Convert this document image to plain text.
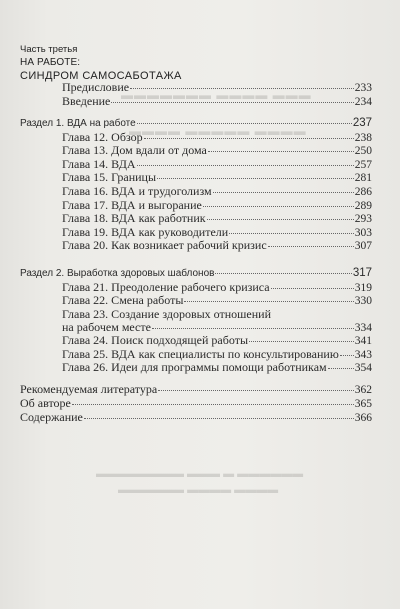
▬▬▬ ▬▬▬▬ ▬▬▬▬▬▬▬
▬▬▬▬ ▬▬▬▬▬ ▬▬▬▬
▬▬▬▬▬▬ ▬ ▬▬▬ ▬▬▬▬▬▬▬▬
▬▬▬▬ ▬▬▬▬ ▬▬▬▬▬▬
Часть третья
НА РАБОТЕ:
СИНДРОМ САМОСАБОТАЖА
Предисловие	233
Введение	234
Раздел 1. ВДА на работе	237
Глава 12. Обзор	238
Глава 13. Дом вдали от дома	250
Глава 14. ВДА	257
Глава 15. Границы	281
Глава 16. ВДА и трудоголизм	286
Глава 17. ВДА и выгорание	289
Глава 18. ВДА как работник	293
Глава 19. ВДА как руководители	303
Глава 20. Как возникает рабочий кризис	307
Раздел 2. Выработка здоровых шаблонов	317
Глава 21. Преодоление рабочего кризиса	319
Глава 22. Смена работы	330
Глава 23. Создание здоровых отношений
на рабочем месте	334
Глава 24. Поиск подходящей работы	341
Глава 25. ВДА как специалисты по консультированию 343
Глава 26. Идеи для программы помощи работникам 354
Рекомендуемая литература	362
Об авторе	365
Содержание	366
